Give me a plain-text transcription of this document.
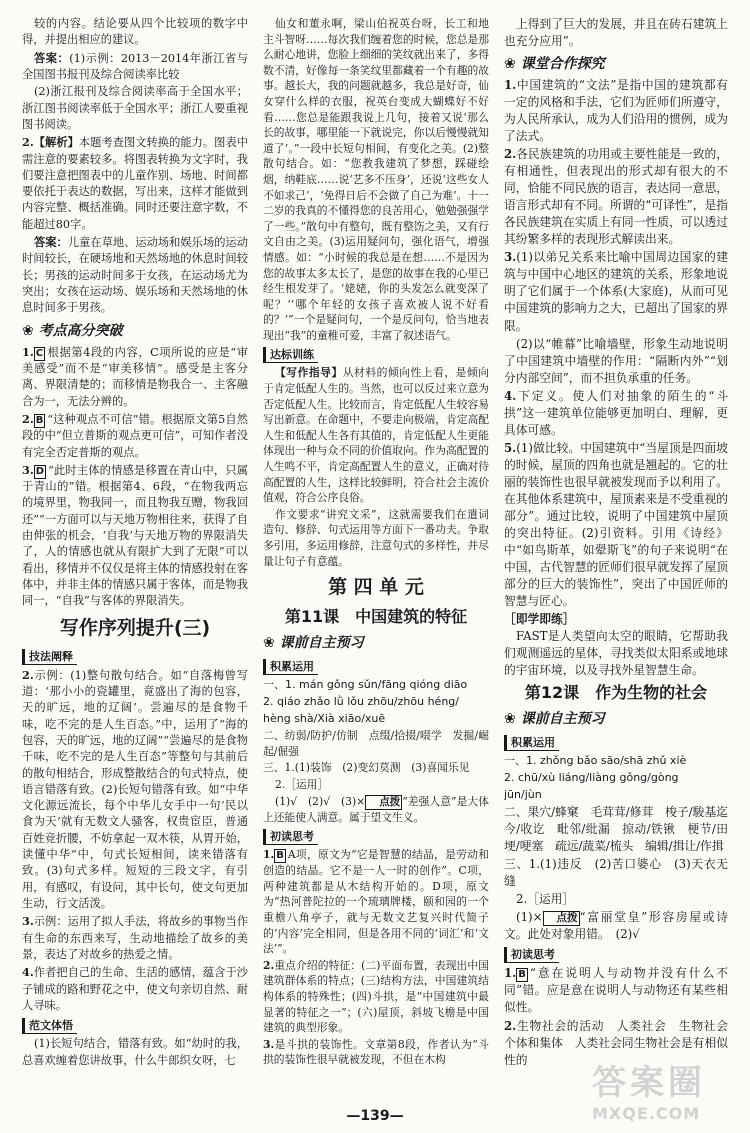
较的内容。结论要从四个比较项的数字中得，并提出相应的建议。
答案：(1)示例：2013－2014年浙江省与全国图书报刊及综合阅读率比较
(2)浙江报刊及综合阅读率高于全国水平；浙江图书阅读率低于全国水平；浙江人要重视图书阅读。
2.【解析】本题考查图文转换的能力。图表中需注意的要素较多。将图表转换为文字时，我们要注意把图表中的儿童作别、场地、时间都要依托于表达的数据，写出来，这样才能做到内容完整、概括准确。同时还要注意字数，不能超过80字。
答案：儿童在草地、运动场和娱乐场的运动时间较长，在硬场地和天然场地的休息时间较长；男孩的运动时间多于女孩，在运动场尤为突出；女孩在运动场、娱乐场和天然场地的休息时间多于男孩。
❀ 考点高分突破
1. C 根据第4段的内容，C项所说的应是“审美感受”而不是“审美移情”。感受是主客分离、界限清楚的；而移情是物我合一、主客融合为一，无法分辨的。
2. B “这种观点不可信”错。根据原文第5自然段的中“但立普斯的观点更可信”，可知作者没有完全否定普斯的观点。
3. D “此时主体的情感是移置在青山中，只属于青山的”错。根据第4、6段，“在物我两忘的境界里，物我同一，而且物我互赠，物我回还”“一方面可以与天地万物相往来，获得了自由伸张的机会，‘自我’与天地万物的界限消失了，人的情感也就从有限扩大到了无限”可以看出，移情并不仅仅是将主体的情感投射在客体中，并非主体的情感只属于客体，而是物我同一，“自我”与客体的界限消失。
写作序列提升(三)
技法阐释
2.示例：(1)整句散句结合。如“自落梅曾写道：‘那小小的瓷罐里，竟盛出了海的包容，天的旷远，地的辽阔’。尝遍尽的是食物千味，吃不完的是人生百态。”中，运用了“海的包容，天的旷远，地的辽阔”“尝遍尽的是食物千味，吃不完的是人生百态”等整句与其前后的散句相结合，形成整散结合的句式特点，使语言错落有致。(2)长短句错落有致。如“中华文化源远流长，每个中华儿女手中一句‘民以食为天’就有无数文人骚客，权贵宦臣，普通百姓竞折腰，不妨拿起一双木筷，从胃开始，读懂中华”中，句式长短相间，读来错落有致。(3)句式多样。短短的三段文字，有引用，有感叹，有设问，其中长句，使文句更加生动，行文活泼。
3.示例：运用了拟人手法，将故乡的事物当作有生命的东西来写，生动地描绘了故乡的美景，表达了对故乡的热爱之情。
4.作者把自己的生命、生活的感情，蕴含于沙子铺成的路和野花之中，使文句亲切自然、耐人寻味。
范文体悟
(1)长短句结合，错落有致。如“幼时的我，总喜欢缠着您讲故事，什么牛郎织女呀，七
仙女和董永啊，梁山伯祝英台呀，长工和地主斗智呀……每次我们缠着您的时候，您总是那么耐心地讲，您脸上细细的笑纹就出来了，多得数不清，好像每一条笑纹里都藏着一个有趣的故事。越长大，我的问题就越多，我总是好奇，仙女穿什么样的衣服，祝英台变成大蝴蝶好不好看……您总是能跟我说上几句，接着又说‘那么长的故事，哪里能一下就说完，你以后慢慢就知道了’。”一段中长短句相间，有变化之美。(2)整散句结合。如：“您教我建筑了梦想，踩碰绘烟，纳鞋底……说‘艺多不压身’，还说‘这些女人不如求己’，‘免得日后不会做了自己为难’。十一二岁的我真的不懂得您的良苦用心，勉勉强强学了一些。”散句中有整句，既有整饬之美，又有行文自由之美。(3)运用疑问句，强化语气，增强情感。如：“小时候的我总是在想……不是因为您的故事太多太长了，是您的故事在我的心里已经生根发芽了。‘姥姥，你的头发怎么就变深了呢？’‘哪个年轻的女孩子喜欢被人说不好看的？’”一个是疑问句，一个是反问句，恰当地表现出“我”的童稚可爱，丰富了叙述语气。
达标训练
【写作指导】从材料的倾向性上看，是倾向于肯定低配人生的。当然，也可以反过来立意为否定低配人生。比较而言，肯定低配人生较容易写出新意。在命题中，不要走向极端，肯定高配人生和低配人生各有其值的，肯定低配人生更能体现出一种与众不同的价值取向。作为高配置的人生鸣不平，肯定高配置人生的意义，正确对待高配置的人生，这样比较鲜明，符合社会主流价值观，符合公序良俗。
作文要求“讲究文采”，这就需要我们在遣词造句、修辞、句式运用等方面下一番功夫。争取多引用，多运用修辞，注意句式的多样性，并尽量让句子有意蕴。
第 四 单 元
第11课　中国建筑的特征
❀ 课前自主预习
积累运用
一、1. mán gǒng sǔn/fāng qióng diāo
2. qiáo zhǎo lǜ lǒu zhōu/zhōu héng/
hèng shà/Xià xiāo/xuē
二、纺弱/防护/仿制　点缀/拾掇/啜学　发掘/崛起/倔强
三、1.(1)装饰　(2)变幻莫测　(3)喜闻乐见
2.［运用］
(1)√　(2)√　(3)× 点拨 “差强人意”是大体上还能使人满意。属于望文生义。
初读思考
1. B A项，原文为“它是智慧的结晶，是劳动和创造的结晶。它不是一人一时的创作”。C项，两种建筑都是从木结构开始的。D项，原文为“热河普陀拉的一个琉璃牌楼，颐和园的一个重檐八角亭子，就与无数文艺复兴时代简子的‘内容’完全相同，但是各用不同的‘词汇’和‘文法’”。
2.重点介绍的特征：(二)平面布置，表现出中国建筑群体系的特点；(三)结构方法，中国建筑结构体系的特殊性；(四)斗拱，是“中国建筑中最显著的特征之一”；(六)屋顶，斜坡飞檐是中国建筑的典型形象。
3.是斗拱的装饰性。文章第8段，作者认为“斗拱的装饰性很早就被发现，不但在木构
上得到了巨大的发展，并且在砖石建筑上也充分应用”。
❀ 课堂合作探究
1.中国建筑的“文法”是指中国的建筑都有一定的风格和手法，它们为匠师们所遵守，为人民所承认，成为人们沿用的惯例，成为了法式。
2.各民族建筑的功用或主要性能是一致的，有相通性，但表现出的形式却有很大的不同，恰能不同民族的语言，表达同一意思，语言形式却有不同。所谓的“可译性”，是指各民族建筑在实质上有同一性质，可以透过其纷繁多样的表现形式解读出来。
3.(1)以弟兄关系来比喻中国周边国家的建筑与中国中心地区的建筑的关系，形象地说明了它们属于一个体系(大家庭)，从而可见中国建筑的影响力之大，已超出了国家的界限。
(2)以“帷幕”比喻墙壁，形象生动地说明了中国建筑中墙壁的作用：“隔断内外”“划分内部空间”，而不担负承重的任务。
4.下定义。使人们对抽象的陌生的“斗拱”这一建筑单位能够更加明白、理解，更具体可感。
5.(1)做比较。中国建筑中“当屋顶是四面坡的时候，屋顶的四角也就是翘起的。它的壮丽的装饰性也很早就被发现而予以利用了。在其他体系建筑中，屋顶素来是不受重视的部分”。通过比较，说明了中国建筑中屋顶的突出特征。(2)引资料。引用《诗经》中“如鸟斯革，如翚斯飞”的句子来说明“在中国，古代智慧的匠师们很早就发挥了屋顶部分的巨大的装饰性”，突出了中国匠师的智慧与匠心。
［即学即练］
FAST是人类望向太空的眼睛，它帮助我们观测遥远的星体，寻找类似太阳系或地球的宇宙环境，以及寻找外星智慧生命。
第12课　作为生物的社会
❀ 课前自主预习
积累运用
一、1. zhǒng bǎo sāo/shā zhǔ xiè
2. chū/xù liáng/liàng gǒng/gòng
jūn/jùn
二、果穴/蜂窠　毛茸茸/修茸　梭子/駿基迄今/收讫　毗邻/纰漏　掠动/铁锹　梗节/田埂/哽塞　疏远/蔬菜/梳头　编辑/揖让/作揖
三、1.(1)违反　(2)苦口婆心　(3)天衣无缝
2.［运用］
(1)× 点拨 “富丽堂皇”形容房屋或诗文。此处对象用错。　(2)√
初读思考
1. B “意在说明人与动物并没有什么不同”错。应是意在说明人与动物还有某些相似性。
2.生物社会的活动　人类社会　生物社会　个体和集体　人类社会同生物社会是有相似性的
—139—
答案圈
MXQE.COM
